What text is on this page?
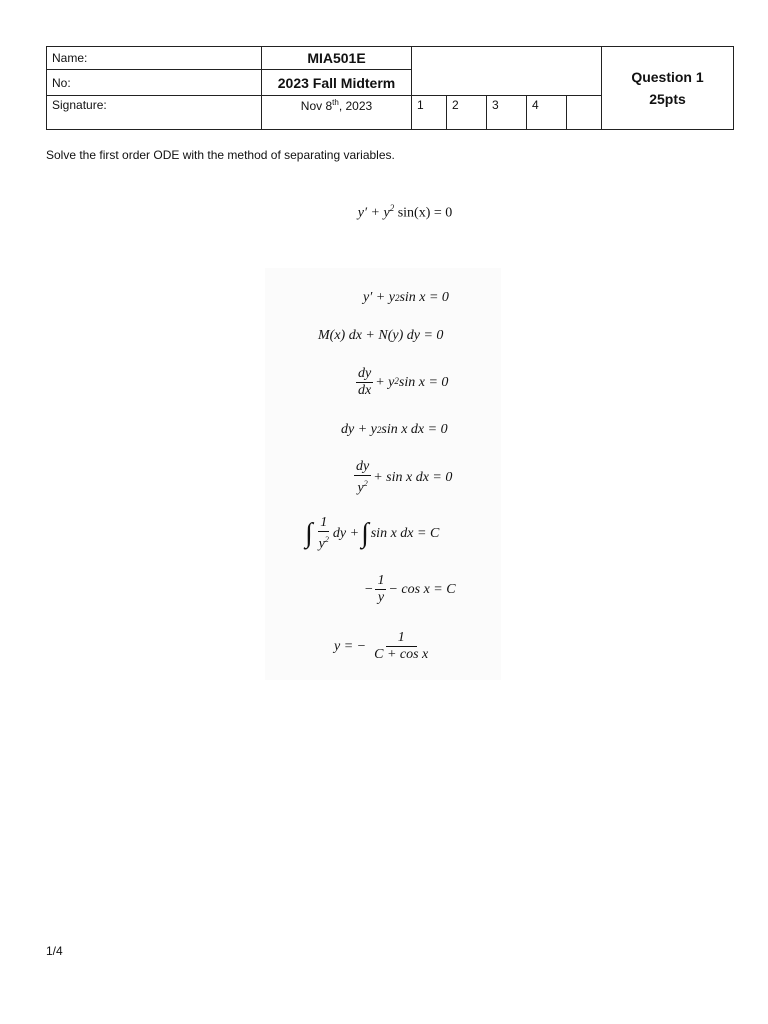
Name:	MIA501E						Question 1
25pts

No:	2023 Fall Midterm						
Signature:	Nov 8th, 2023	1	2	3	4		
Solve the first order ODE with the method of separating variables.
$y' + y^2$ sin(x) = 0
y′ + y 2 sin x = 0
M(x) dx + N(y) dy = 0
$\frac{dy}{dx} + y$ 2 sin x = 0
dy + y 2 sin x dx = 0
$\frac{dy}{y^2} + \sin x$ dx = 0
∫ $\frac{1}{y^2}$ dy + ∫ sin x dx = C
− $\frac{1}{y} - \cos x = C$
y = − $\frac{1}{\text{C + cos x}}$
1/4
